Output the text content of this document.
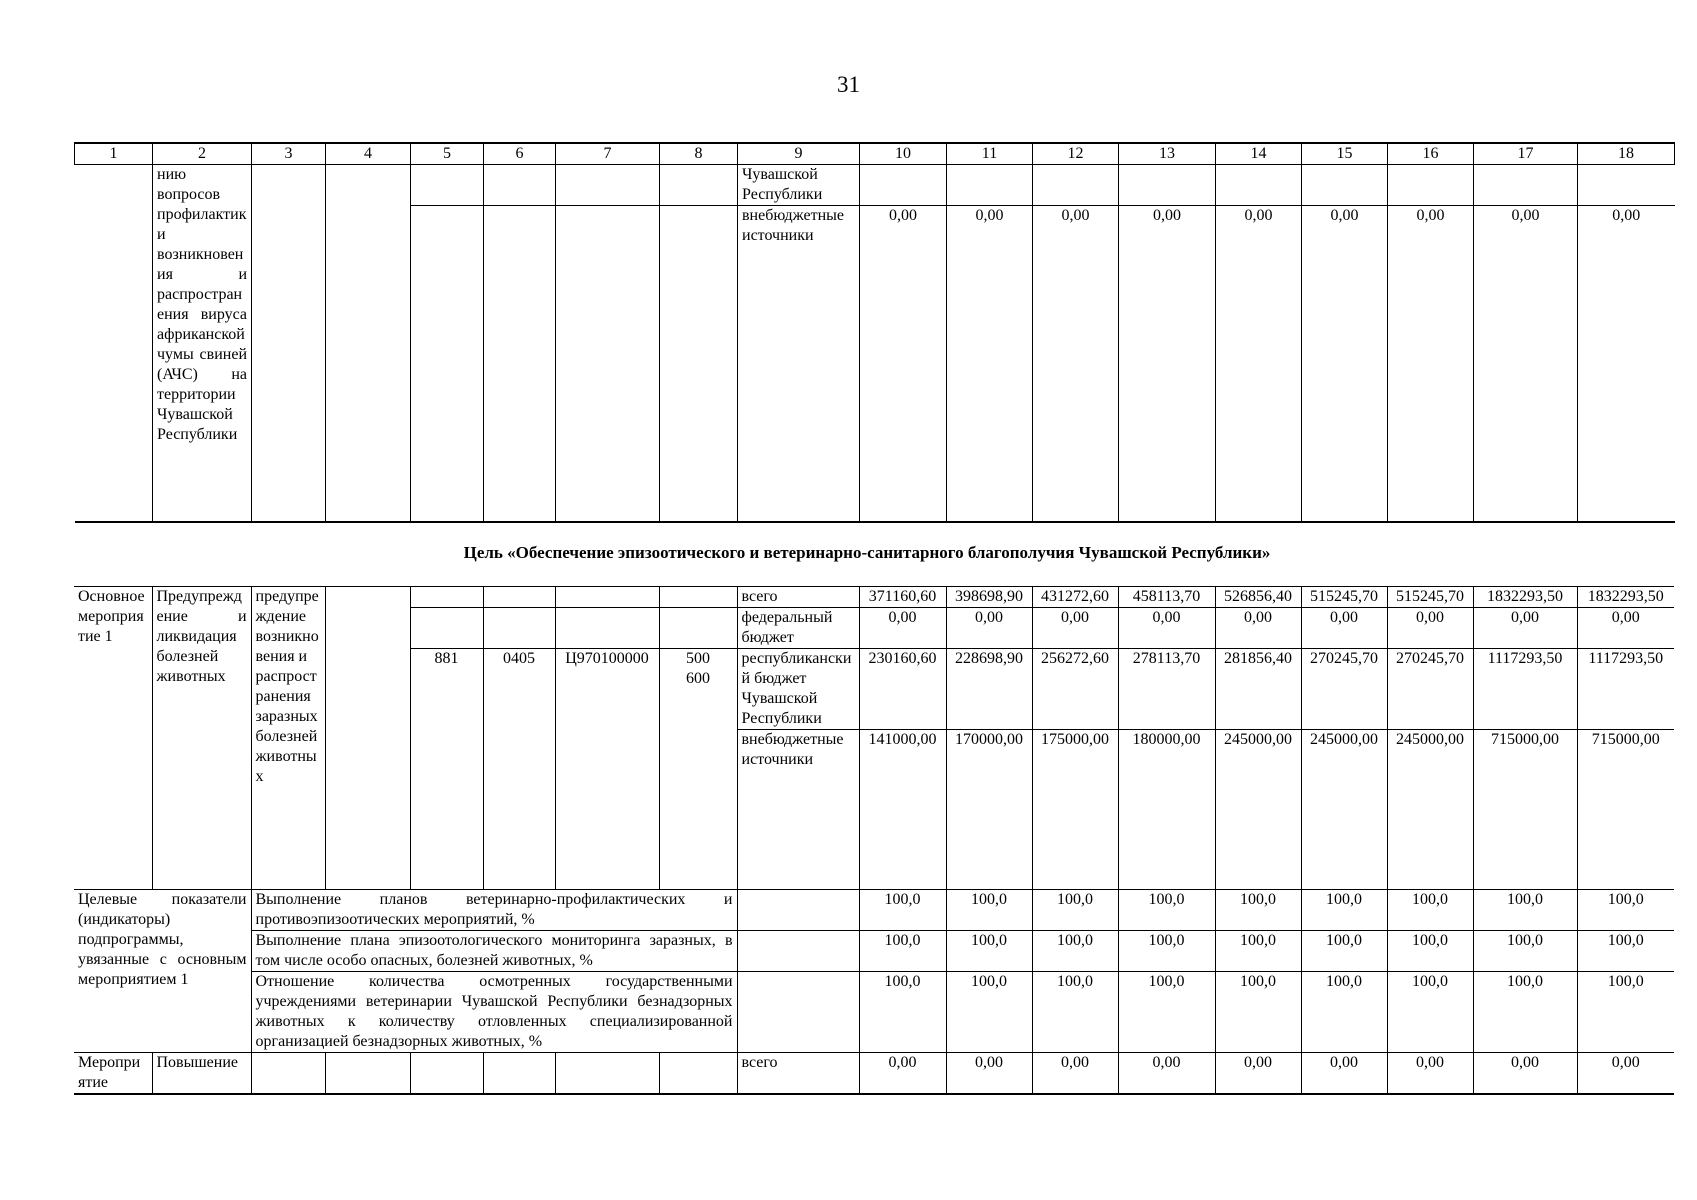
31
1	2	3	4	5	6	7	8	9	10	11	12	13	14	15	16	17	18
	нию вопросов профилактики возникновения и распространения вируса африканской чумы свиней (АЧС) на территории Чувашской Республики							Чувашской Республики									
								внебюджетные источники	0,00	0,00	0,00	0,00	0,00	0,00	0,00	0,00	0,00
Цель «Обеспечение эпизоотического и ветеринарно-санитарного благополучия Чувашской Республики»
Основное мероприятие 1	Предупреждение и ликвидация болезней животных	предупреждение возникновения и распространения заразных болезней животных						всего	371160,60	398698,90	431272,60	458113,70	526856,40	515245,70	515245,70	1832293,50	1832293,50
								федеральный бюджет	0,00	0,00	0,00	0,00	0,00	0,00	0,00	0,00	0,00
				881	0405	Ц970100000	500
600	республиканский бюджет Чувашской Республики	230160,60	228698,90	256272,60	278113,70	281856,40	270245,70	270245,70	1117293,50	1117293,50
								внебюджетные источники	141000,00	170000,00	175000,00	180000,00	245000,00	245000,00	245000,00	715000,00	715000,00
Целевые показатели (индикаторы) подпрограммы, увязанные с основным мероприятием 1		Выполнение планов ветеринарно-профилактических и противоэпизоотических мероприятий, %							100,0	100,0	100,0	100,0	100,0	100,0	100,0	100,0	100,0
		Выполнение плана эпизоотологического мониторинга заразных, в том числе особо опасных, болезней животных, %							100,0	100,0	100,0	100,0	100,0	100,0	100,0	100,0	100,0
		Отношение количества осмотренных государственными учреждениями ветеринарии Чувашской Республики безнадзорных животных к количеству отловленных специализированной организацией безнадзорных животных, %							100,0	100,0	100,0	100,0	100,0	100,0	100,0	100,0	100,0
Мероприятие	Повышение							всего	0,00	0,00	0,00	0,00	0,00	0,00	0,00	0,00	0,00
